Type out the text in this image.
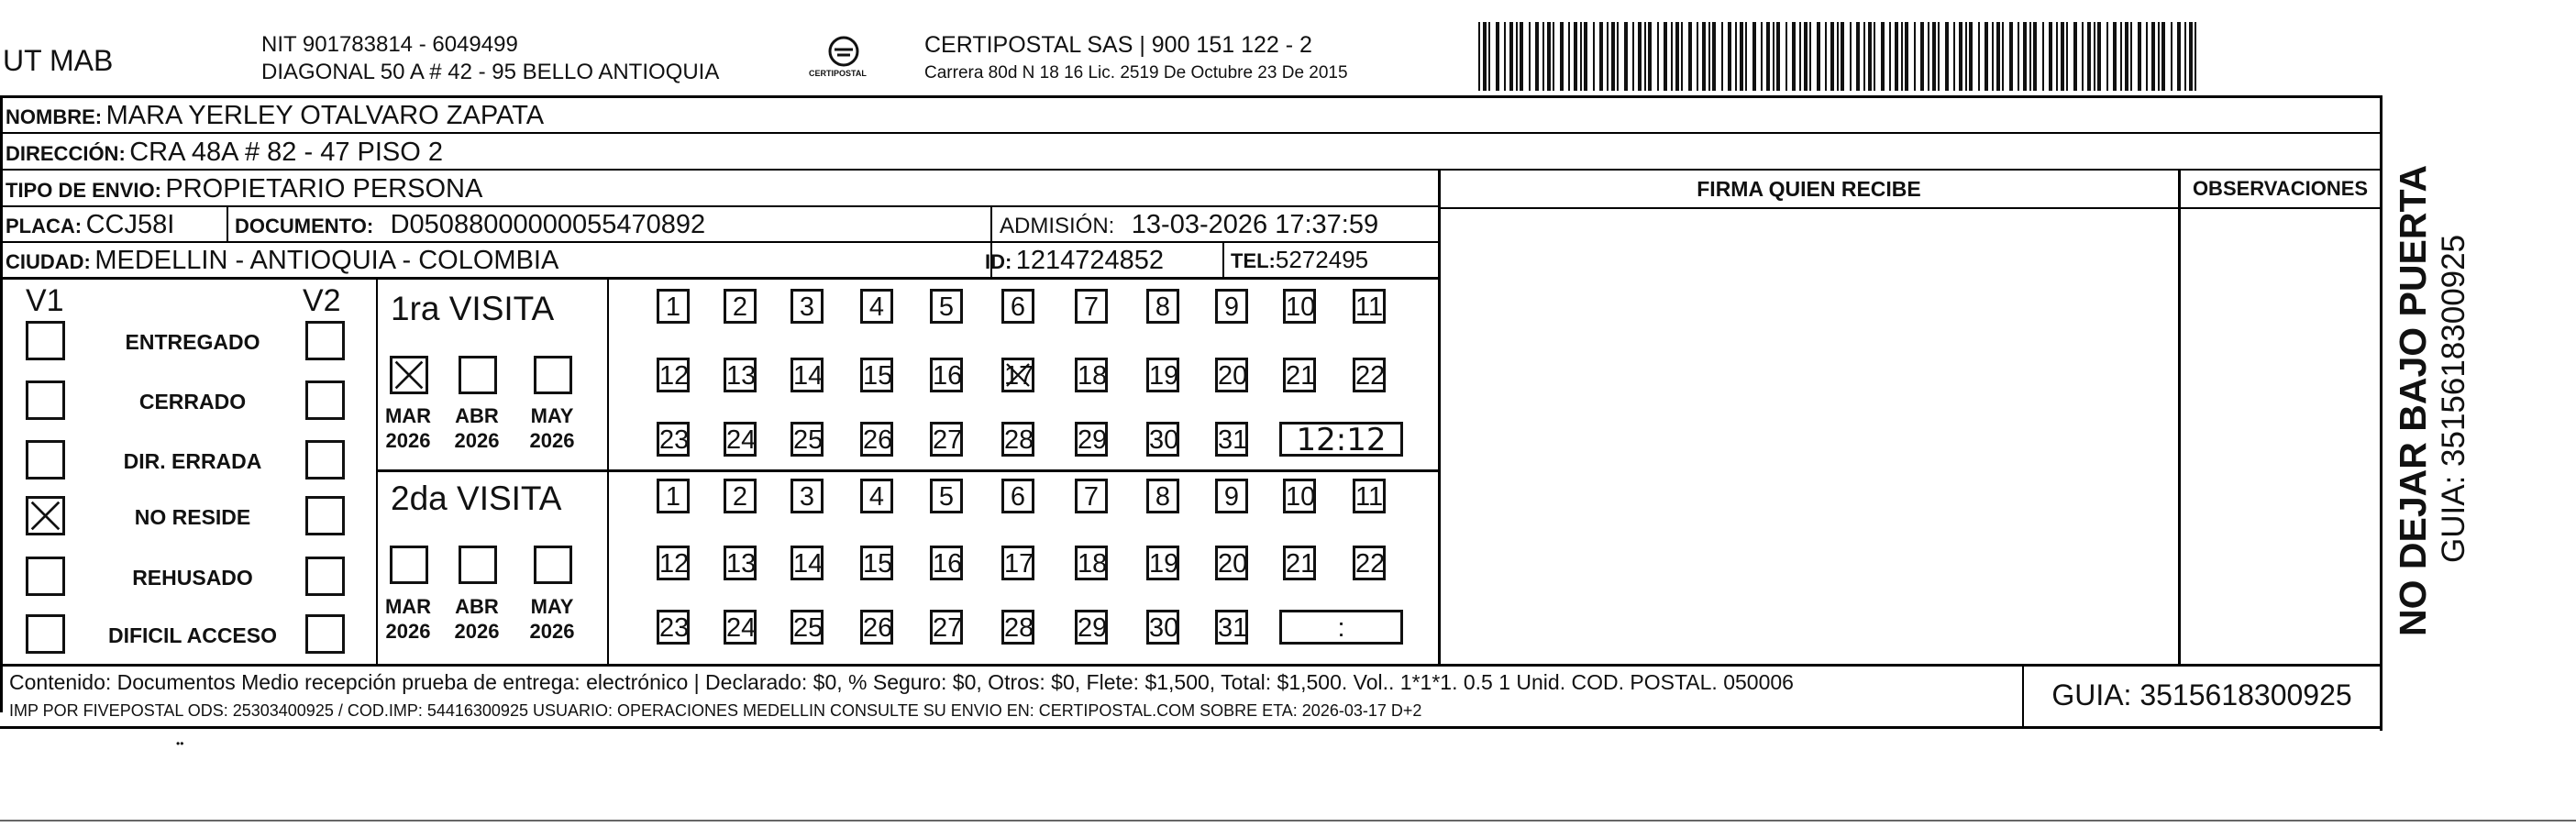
UT MAB	NIT 901783814 - 6049499
DIAGONAL 50 A # 42 - 95 BELLO ANTIOQUIA	CERTIPOSTAL
CERTIPOSTAL SAS | 900 151 122 - 2
Carrera 80d N 18 16 Lic. 2519 De Octubre 23 De 2015
NOMBRE: MARA YERLEY OTALVARO ZAPATA
DIRECCIÓN: CRA 48A # 82 - 47 PISO 2
TIPO DE ENVIO: PROPIETARIO PERSONA
PLACA: CCJ58I	DOCUMENTO: D05088000000055470892	ADMISIÓN: 13-03-2026 17:37:59
CIUDAD: MEDELLIN - ANTIOQUIA - COLOMBIA	ID: 1214724852	TEL:5272495
FIRMA QUIEN RECIBE	OBSERVACIONES
V1	V2
ENTREGADO
CERRADO
DIR. ERRADA
NO RESIDE
REHUSADO
DIFICIL ACCESO
1ra VISITA
MAR
2026
ABR
2026
MAY
2026
1	2	3	4	5	6	7	8	9	10 11
12 13 14 15 16 17 18 19 20 21 22
23 24 25 26 27 28 29 30 31	12:12
2da VISITA
MAR
2026
ABR
2026
MAY
2026
1	2	3	4	5	6	7	8	9	10 11
12 13 14 15 16 17 18 19 20 21 22
23 24 25 26 27 28 29 30 31	:
Contenido: Documentos Medio recepción prueba de entrega: electrónico | Declarado: $0, % Seguro: $0, Otros: $0, Flete: $1,500, Total: $1,500. Vol.. 1*1*1. 0.5 1 Unid. COD. POSTAL. 050006
IMP POR FIVEPOSTAL ODS: 25303400925 / COD.IMP: 54416300925 USUARIO: OPERACIONES MEDELLIN CONSULTE SU ENVIO EN: CERTIPOSTAL.COM SOBRE ETA: 2026-03-17 D+2	GUIA: 3515618300925
NO DEJAR BAJO PUERTA GUIA: 3515618300925
••
